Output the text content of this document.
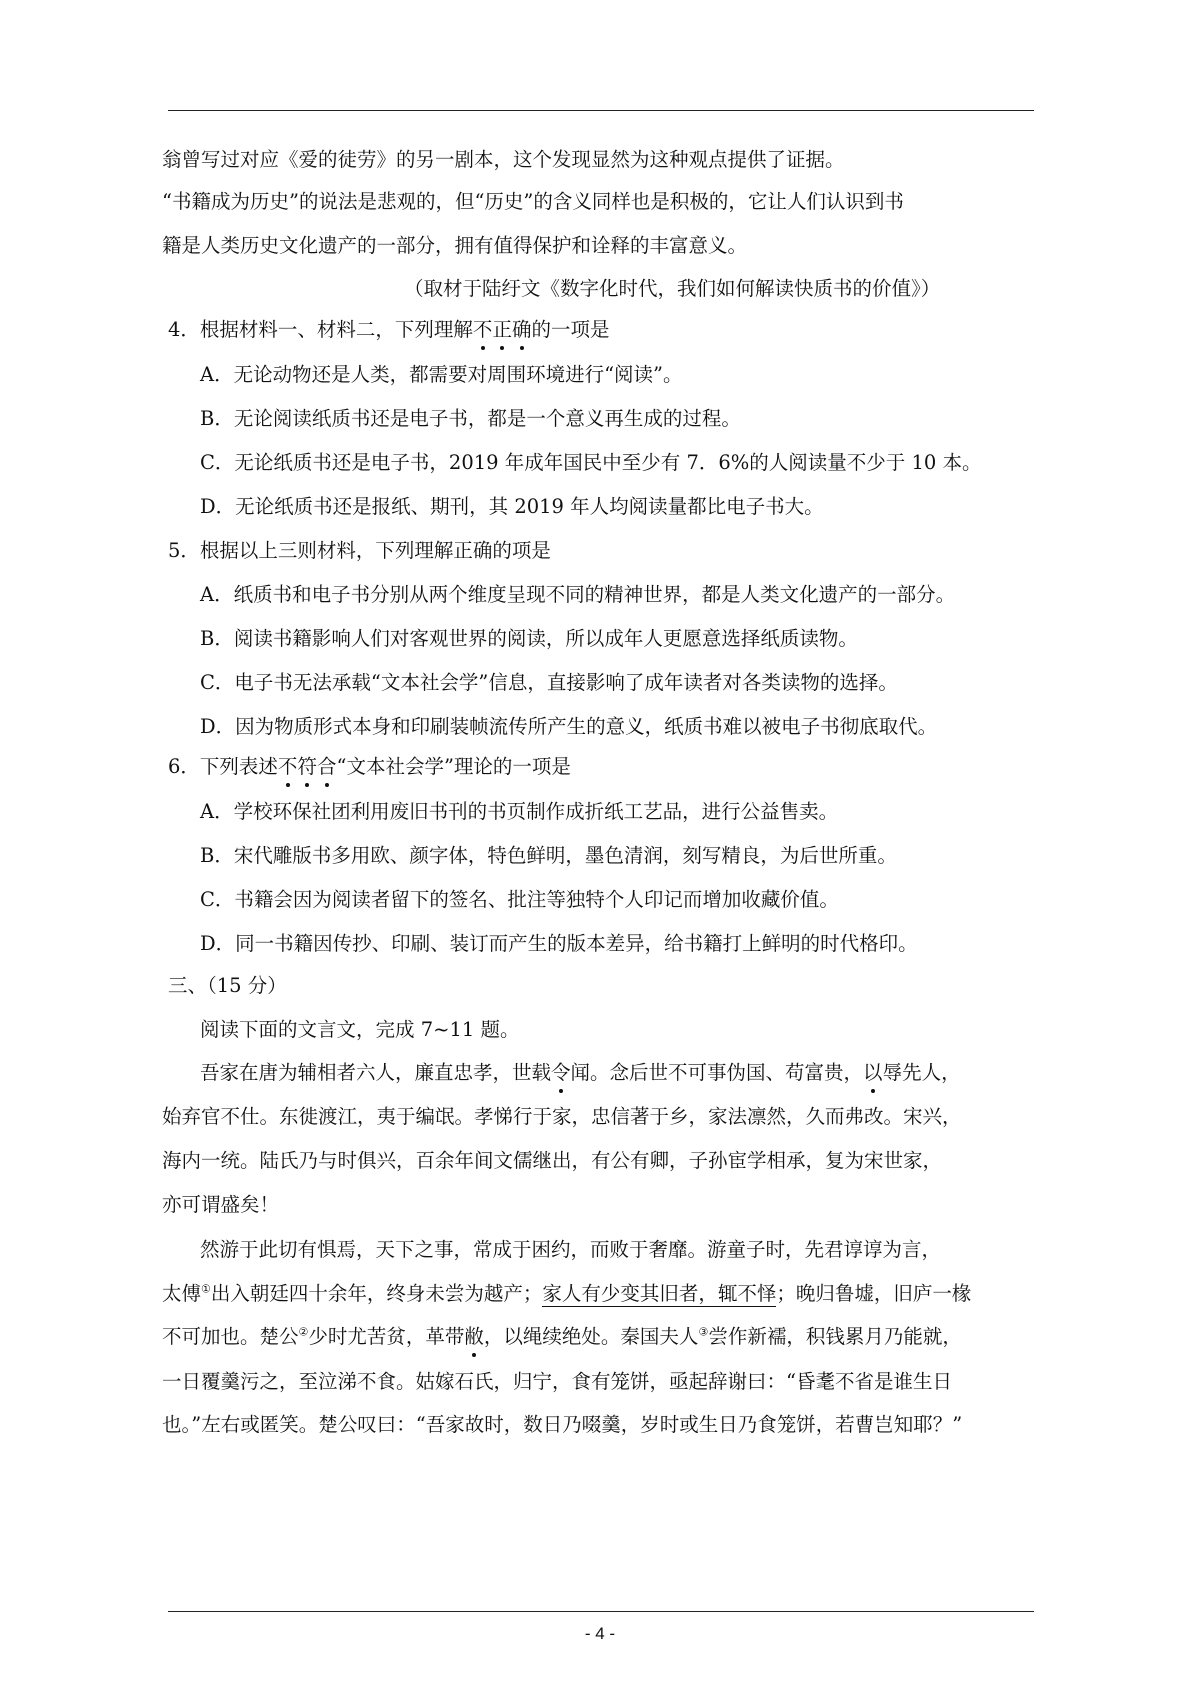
翁曾写过对应《爱的徒劳》的另一剧本，这个发现显然为这种观点提供了证据。
“书籍成为历史”的说法是悲观的，但“历史”的含义同样也是积极的，它让人们认识到书
籍是人类历史文化遗产的一部分，拥有值得保护和诠释的丰富意义。
（取材于陆纡文《数字化时代，我们如何解读快质书的价值》）
4．根据材料一、材料二，下列理解不正确的一项是
A．无论动物还是人类，都需要对周围环境进行“阅读”。
B．无论阅读纸质书还是电子书，都是一个意义再生成的过程。
C．无论纸质书还是电子书，2019 年成年国民中至少有 7．6%的人阅读量不少于 10 本。
D．无论纸质书还是报纸、期刊，其 2019 年人均阅读量都比电子书大。
5．根据以上三则材料，下列理解正确的项是
A．纸质书和电子书分别从两个维度呈现不同的精神世界，都是人类文化遗产的一部分。
B．阅读书籍影响人们对客观世界的阅读，所以成年人更愿意选择纸质读物。
C．电子书无法承载“文本社会学”信息，直接影响了成年读者对各类读物的选择。
D．因为物质形式本身和印刷装帧流传所产生的意义，纸质书难以被电子书彻底取代。
6．下列表述不符合“文本社会学”理论的一项是
A．学校环保社团利用废旧书刊的书页制作成折纸工艺品，进行公益售卖。
B．宋代雕版书多用欧、颜字体，特色鲜明，墨色清润，刻写精良，为后世所重。
C．书籍会因为阅读者留下的签名、批注等独特个人印记而增加收藏价值。
D．同一书籍因传抄、印刷、装订而产生的版本差异，给书籍打上鲜明的时代格印。
三、（15 分）
阅读下面的文言文，完成 7~11 题。
吾家在唐为辅相者六人，廉直忠孝，世载令闻。念后世不可事伪国、苟富贵，以辱先人，
始弃官不仕。东徙渡江，夷于编氓。孝悌行于家，忠信著于乡，家法凛然，久而弗改。宋兴，
海内一统。陆氏乃与时俱兴，百余年间文儒继出，有公有卿，子孙宦学相承，复为宋世家，
亦可谓盛矣！
然游于此切有惧焉，天下之事，常成于困约，而败于奢靡。游童子时，先君谆谆为言，
太傅①出入朝廷四十余年，终身未尝为越产；家人有少变其旧者，辄不怿；晚归鲁墟，旧庐一椽
不可加也。楚公②少时尤苦贫，革带敝，以绳续绝处。秦国夫人③尝作新襦，积钱累月乃能就，
一日覆羹污之，至泣涕不食。姑嫁石氏，归宁，食有笼饼，亟起辞谢曰：“昏耄不省是谁生日
也。”左右或匿笑。楚公叹曰：“吾家故时，数日乃啜羹，岁时或生日乃食笼饼，若曹岂知耶？”
- 4 -
